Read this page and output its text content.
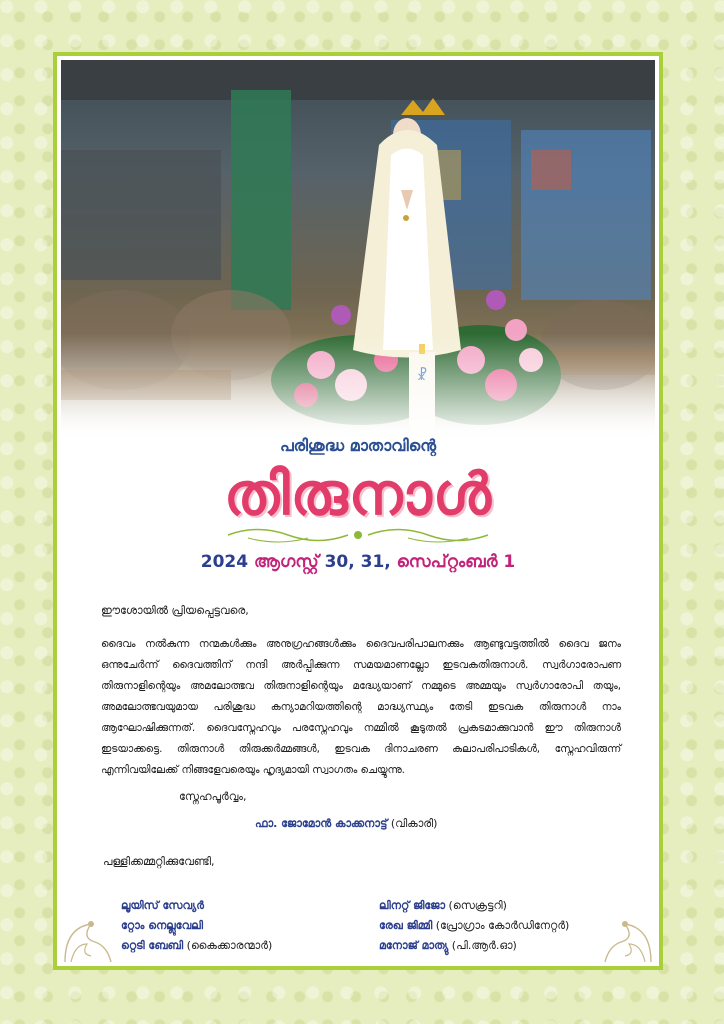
പരിശുദ്ധ മാതാവിന്റെ
തിരുനാൾ
2024 ആഗസ്റ്റ് 30, 31, സെപ്റ്റംബർ 1
ഈശോയിൽ പ്രിയപ്പെട്ടവരെ,
ദൈവം നൽകുന്ന നന്മകൾക്കും അനുഗ്രഹങ്ങൾക്കും ദൈവപരിപാലനക്കും ആണ്ടുവട്ടത്തിൽ ദൈവ ജനം ഒന്നുചേർന്ന് ദൈവത്തിന് നന്ദി അർപ്പിക്കുന്ന സമയമാണല്ലോ ഇടവകതിരുനാൾ. സ്വർഗാരോപണ തിരുനാളിന്റെയും അമലോത്ഭവ തിരുനാളിന്റെയും മദ്ധ്യേയാണ് നമ്മുടെ അമ്മയും സ്വർഗാരോപി തയും, അമലോത്ഭവയുമായ പരിശുദ്ധ കന്യാമറിയത്തിന്റെ മാദ്ധ്യസ്ഥ്യം തേടി ഇടവക തിരുനാൾ നാം ആഘോഷിക്കുന്നത്. ദൈവസ്നേഹവും പരസ്നേഹവും നമ്മിൽ കൂടുതൽ പ്രകടമാക്കുവാൻ ഈ തിരുനാൾ ഇടയാക്കട്ടെ. തിരുനാൾ തിരുക്കർമ്മങ്ങൾ, ഇടവക ദിനാചരണ കലാപരിപാടികൾ, സ്നേഹവിരുന്ന് എന്നിവയിലേക്ക് നിങ്ങളേവരെയും ഹൃദ്യമായി സ്വാഗതം ചെയ്യുന്നു.
സ്നേഹപൂർവ്വം,
ഫാ. ജോമോൻ കാക്കനാട്ട് (വികാരി)
പള്ളിക്കമ്മറ്റിക്കുവേണ്ടി,
ലൂയിസ് സേവ്യർ
റ്റോം നെല്ലുവേലി
റ്റെടി ബേബി (കൈക്കാരന്മാർ)
ലിനറ്റ് ജിജോ (സെക്രട്ടറി)
രേഖ ജിമ്മി (പ്രോഗ്രാം കോർഡിനേറ്റർ)
മനോജ് മാത്യു (പി.ആർ.ഓ)
